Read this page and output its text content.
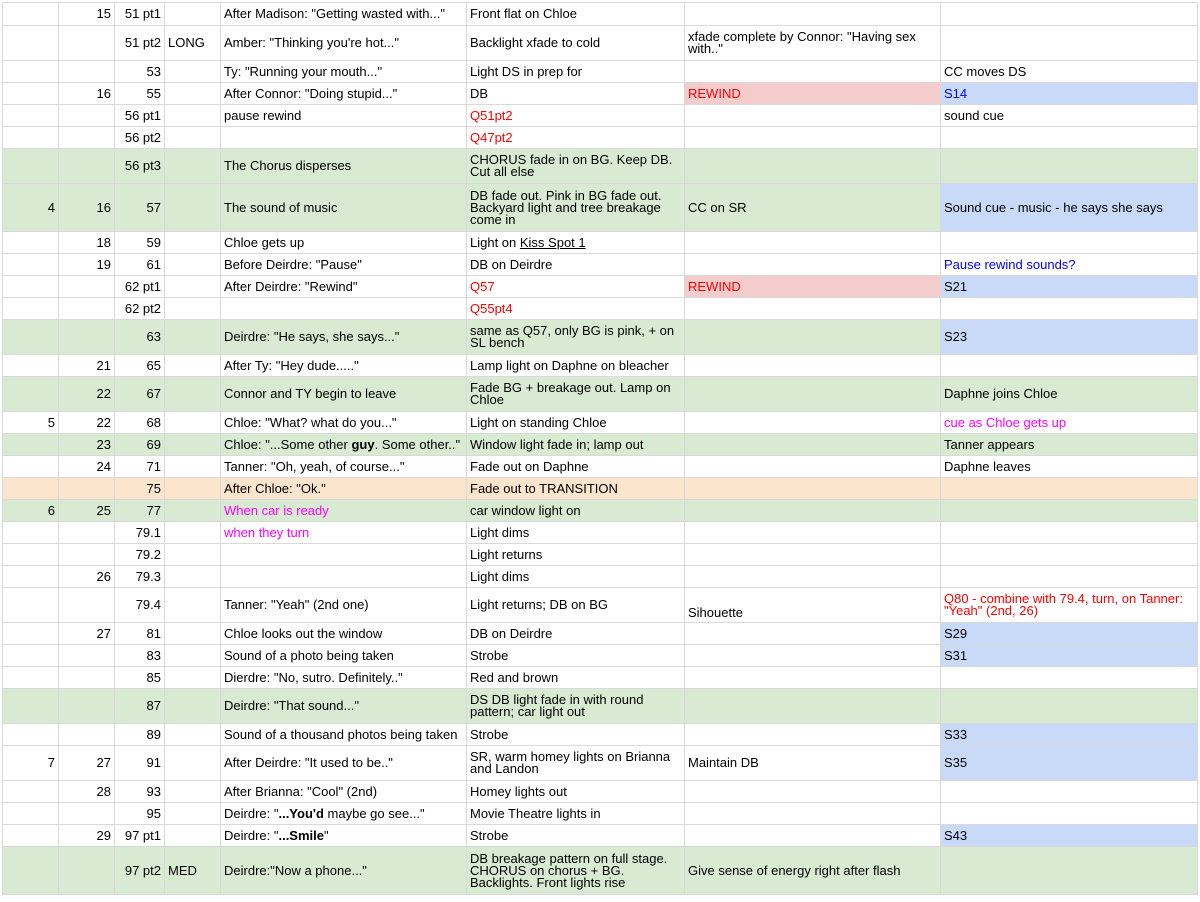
	15	51 pt1		After Madison: "Getting wasted with..."	Front flat on Chloe		
		51 pt2	LONG	Amber: "Thinking you're hot..."	Backlight xfade to cold	xfade complete by Connor: "Having sex with.."	
		53		Ty: "Running your mouth..."	Light DS in prep for		CC moves DS
	16	55		After Connor: "Doing stupid..."	DB	REWIND	S14
		56 pt1		pause rewind	Q51pt2		sound cue
		56 pt2			Q47pt2		
		56 pt3		The Chorus disperses	CHORUS fade in on BG. Keep DB. Cut all else		
4	16	57		The sound of music	DB fade out. Pink in BG fade out. Backyard light and tree breakage come in	CC on SR	Sound cue - music - he says she says
	18	59		Chloe gets up	Light on Kiss Spot 1		
	19	61		Before Deirdre: "Pause"	DB on Deirdre		Pause rewind sounds?
		62 pt1		After Deirdre: "Rewind"	Q57	REWIND	S21
		62 pt2			Q55pt4		
		63		Deirdre: "He says, she says..."	same as Q57, only BG is pink, + on SL bench		S23
	21	65		After Ty: "Hey dude....."	Lamp light on Daphne on bleacher		
	22	67		Connor and TY begin to leave	Fade BG + breakage out. Lamp on Chloe		Daphne joins Chloe
5	22	68		Chloe: "What? what do you..."	Light on standing Chloe		cue as Chloe gets up
	23	69		Chloe: "...Some other guy. Some other.."	Window light fade in; lamp out		Tanner appears
	24	71		Tanner: "Oh, yeah, of course..."	Fade out on Daphne		Daphne leaves
		75		After Chloe: "Ok."	Fade out to TRANSITION		
6	25	77		When car is ready	car window light on		
		79.1		when they turn	Light dims		
		79.2			Light returns		
	26	79.3			Light dims		
		79.4		Tanner: "Yeah" (2nd one)	Light returns; DB on BG	Sihouette	Q80 - combine with 79.4, turn, on Tanner: "Yeah" (2nd, 26)
	27	81		Chloe looks out the window	DB on Deirdre		S29
		83		Sound of a photo being taken	Strobe		S31
		85		Dierdre: "No, sutro. Definitely.."	Red and brown		
		87		Deirdre: "That sound..."	DS DB light fade in with round pattern; car light out		
		89		Sound of a thousand photos being taken	Strobe		S33
7	27	91		After Deirdre: "It used to be.."	SR, warm homey lights on Brianna and Landon	Maintain DB	S35
	28	93		After Brianna: "Cool" (2nd)	Homey lights out		
		95		Deirdre: "...You'd maybe go see..."	Movie Theatre lights in		
	29	97 pt1		Deirdre: "...Smile"	Strobe		S43
		97 pt2	MED	Deirdre:"Now a phone..."	DB breakage pattern on full stage. CHORUS on chorus + BG. Backlights. Front lights rise	Give sense of energy right after flash	
